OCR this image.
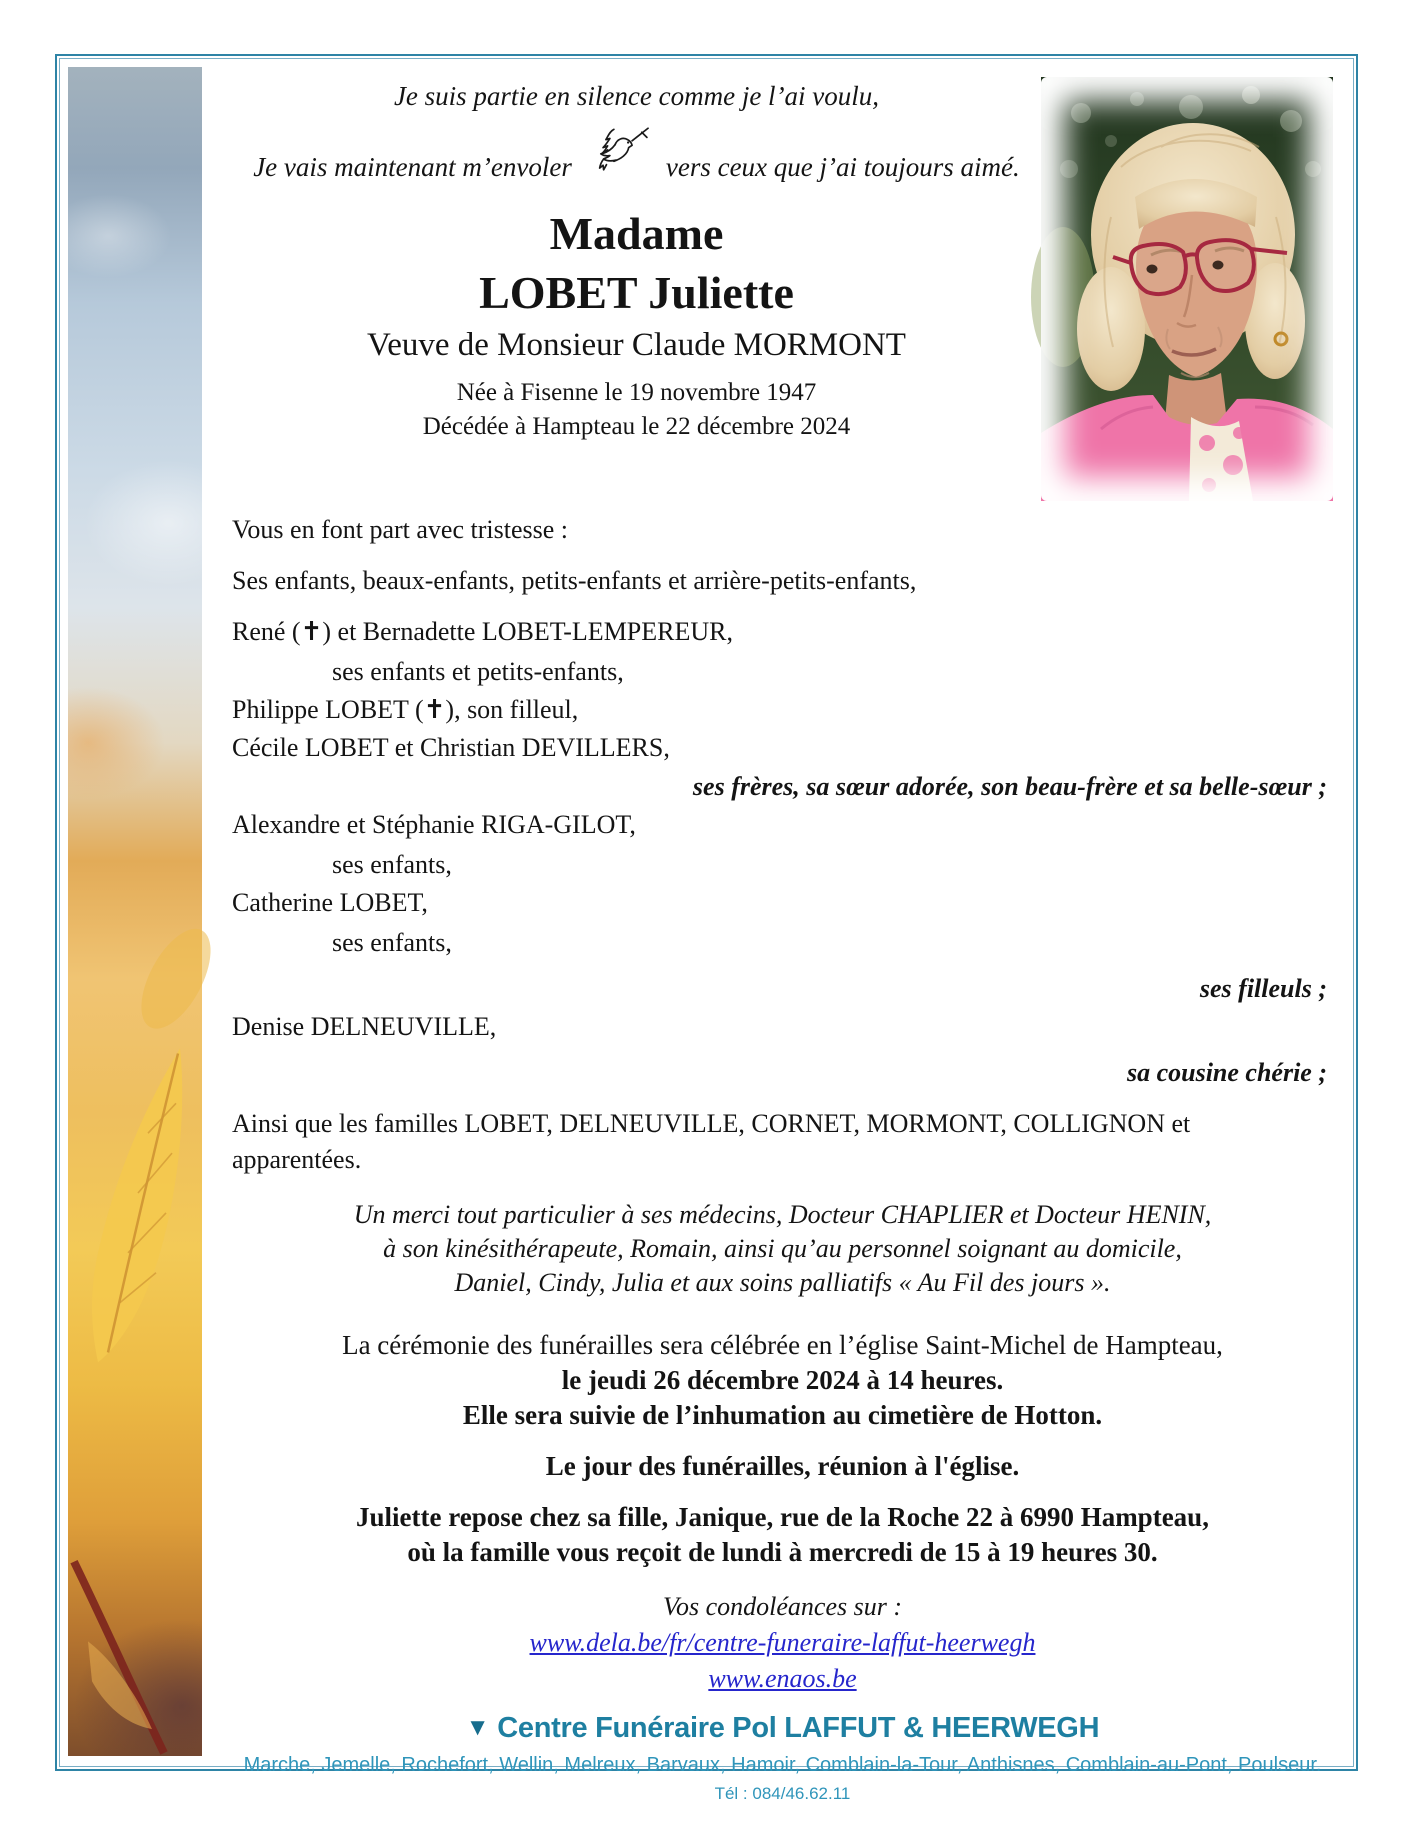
Je suis partie en silence comme je l’ai voulu,
Je vais maintenant m’envoler	vers ceux que j’ai toujours aimé.
Madame
LOBET Juliette
Veuve de Monsieur Claude MORMONT
Née à Fisenne le 19 novembre 1947
Décédée à Hampteau le 22 décembre 2024
Vous en font part avec tristesse :
Ses enfants, beaux-enfants, petits-enfants et arrière-petits-enfants,
René (✝) et Bernadette LOBET-LEMPEREUR,
ses enfants et petits-enfants,
Philippe LOBET (✝), son filleul,
Cécile LOBET et Christian DEVILLERS,
ses frères, sa sœur adorée, son beau-frère et sa belle-sœur ;
Alexandre et Stéphanie RIGA-GILOT,
ses enfants,
Catherine LOBET,
ses enfants,
ses filleuls ;
Denise DELNEUVILLE,
sa cousine chérie ;
Ainsi que les familles LOBET, DELNEUVILLE, CORNET, MORMONT, COLLIGNON et
apparentées.
Un merci tout particulier à ses médecins, Docteur CHAPLIER et Docteur HENIN,
à son kinésithérapeute, Romain, ainsi qu’au personnel soignant au domicile,
Daniel, Cindy, Julia et aux soins palliatifs « Au Fil des jours ».
La cérémonie des funérailles sera célébrée en l’église Saint-Michel de Hampteau,
le jeudi 26 décembre 2024 à 14 heures.
Elle sera suivie de l’inhumation au cimetière de Hotton.
Le jour des funérailles, réunion à l'église.
Juliette repose chez sa fille, Janique, rue de la Roche 22 à 6990 Hampteau,
où la famille vous reçoit de lundi à mercredi de 15 à 19 heures 30.
Vos condoléances sur :
www.dela.be/fr/centre-funeraire-laffut-heerwegh
www.enaos.be
▼ Centre Funéraire Pol LAFFUT & HEERWEGH
Marche, Jemelle, Rochefort, Wellin, Melreux, Barvaux, Hamoir, Comblain-la-Tour, Anthisnes, Comblain-au-Pont, Poulseur.
Tél : 084/46.62.11
